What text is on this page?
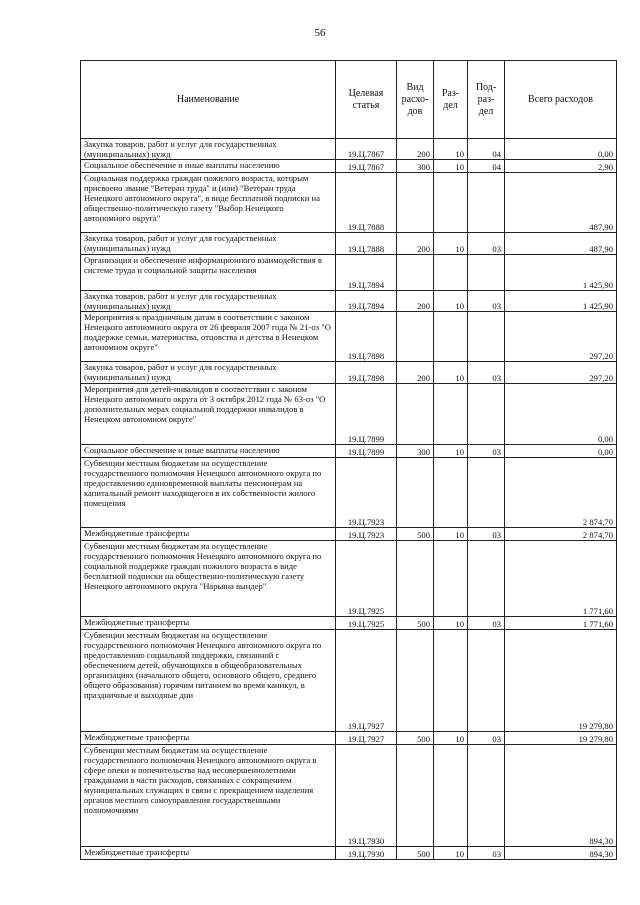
56
Наименование	Целевая статья	Вид расхо-дов	Раз-дел	Под-раз-дел	Всего расходов
Закупка товаров, работ и услуг для государственных (муниципальных) нужд	19.Ц.7867	200	10	04	0,00
Социальное обеспечение и иные выплаты населению	19.Ц.7867	300	10	04	2,90
Социальная поддержка граждан пожилого возраста, которым присвоено звание "Ветеран труда" и (или) "Ветеран труда Ненецкого автономного округа", в виде бесплатной подписки на общественно-политическую газету "Выбор Ненецкого автономного округа"	19.Ц.7888				487,90
Закупка товаров, работ и услуг для государственных (муниципальных) нужд	19.Ц.7888	200	10	03	487,90
Организация и обеспечение информационного взаимодействия в системе труда и социальной защиты населения	19.Ц.7894				1 425,90
Закупка товаров, работ и услуг для государственных (муниципальных) нужд	19.Ц.7894	200	10	03	1 425,90
Мероприятия к праздничным датам в соответствии с законом Ненецкого автономного округа от 26 февраля 2007 года № 21-оз "О поддержке семьи, материнства, отцовства и детства в Ненецком автономном округе"	19.Ц.7898				297,20
Закупка товаров, работ и услуг для государственных (муниципальных) нужд	19.Ц.7898	200	10	03	297,20
Мероприятия для детей-инвалидов в соответствии с законом Ненецкого автономного округа от 3 октября 2012 года № 63-оз "О дополнительных мерах социальной поддержки инвалидов в Ненецком автономном округе"	19.Ц.7899				0,00
Социальное обеспечение и иные выплаты населению	19.Ц.7899	300	10	03	0,00
Субвенции местным бюджетам на осуществление государственного полномочия Ненецкого автономного округа по предоставлению единовременной выплаты пенсионерам на капитальный ремонт находящегося в их собственности жилого помещения	19.Ц.7923				2 874,70
Межбюджетные трансферты	19.Ц.7923	500	10	03	2 874,70
Субвенции местным бюджетам на осуществление государственного полномочия Ненецкого автономного округа по социальной поддержке граждан пожилого возраста в виде бесплатной подписки на общественно-политическую газету Ненецкого автономного округа "Нарьяна вындер"	19.Ц.7925				1 771,60
Межбюджетные трансферты	19.Ц.7925	500	10	03	1 771,60
Субвенции местным бюджетам на осуществление государственного полномочия Ненецкого автономного округа по предоставлению социальной поддержки, связанной с обеспечением детей, обучающихся в общеобразовательных организациях (начального общего, основного общего, среднего общего образования) горячим питанием во время каникул, в праздничные и выходные дни	19.Ц.7927				19 279,80
Межбюджетные трансферты	19.Ц.7927	500	10	03	19 279,80
Субвенции местным бюджетам на осуществление государственного полномочия Ненецкого автономного округа в сфере опеки и попечительства над несовершеннолетними гражданами в части расходов, связанных с сокращением муниципальных служащих в связи с прекращением наделения органов местного самоуправления государственными полномочиями	19.Ц.7930				894,30
Межбюджетные трансферты	19.Ц.7930	500	10	03	894,30
